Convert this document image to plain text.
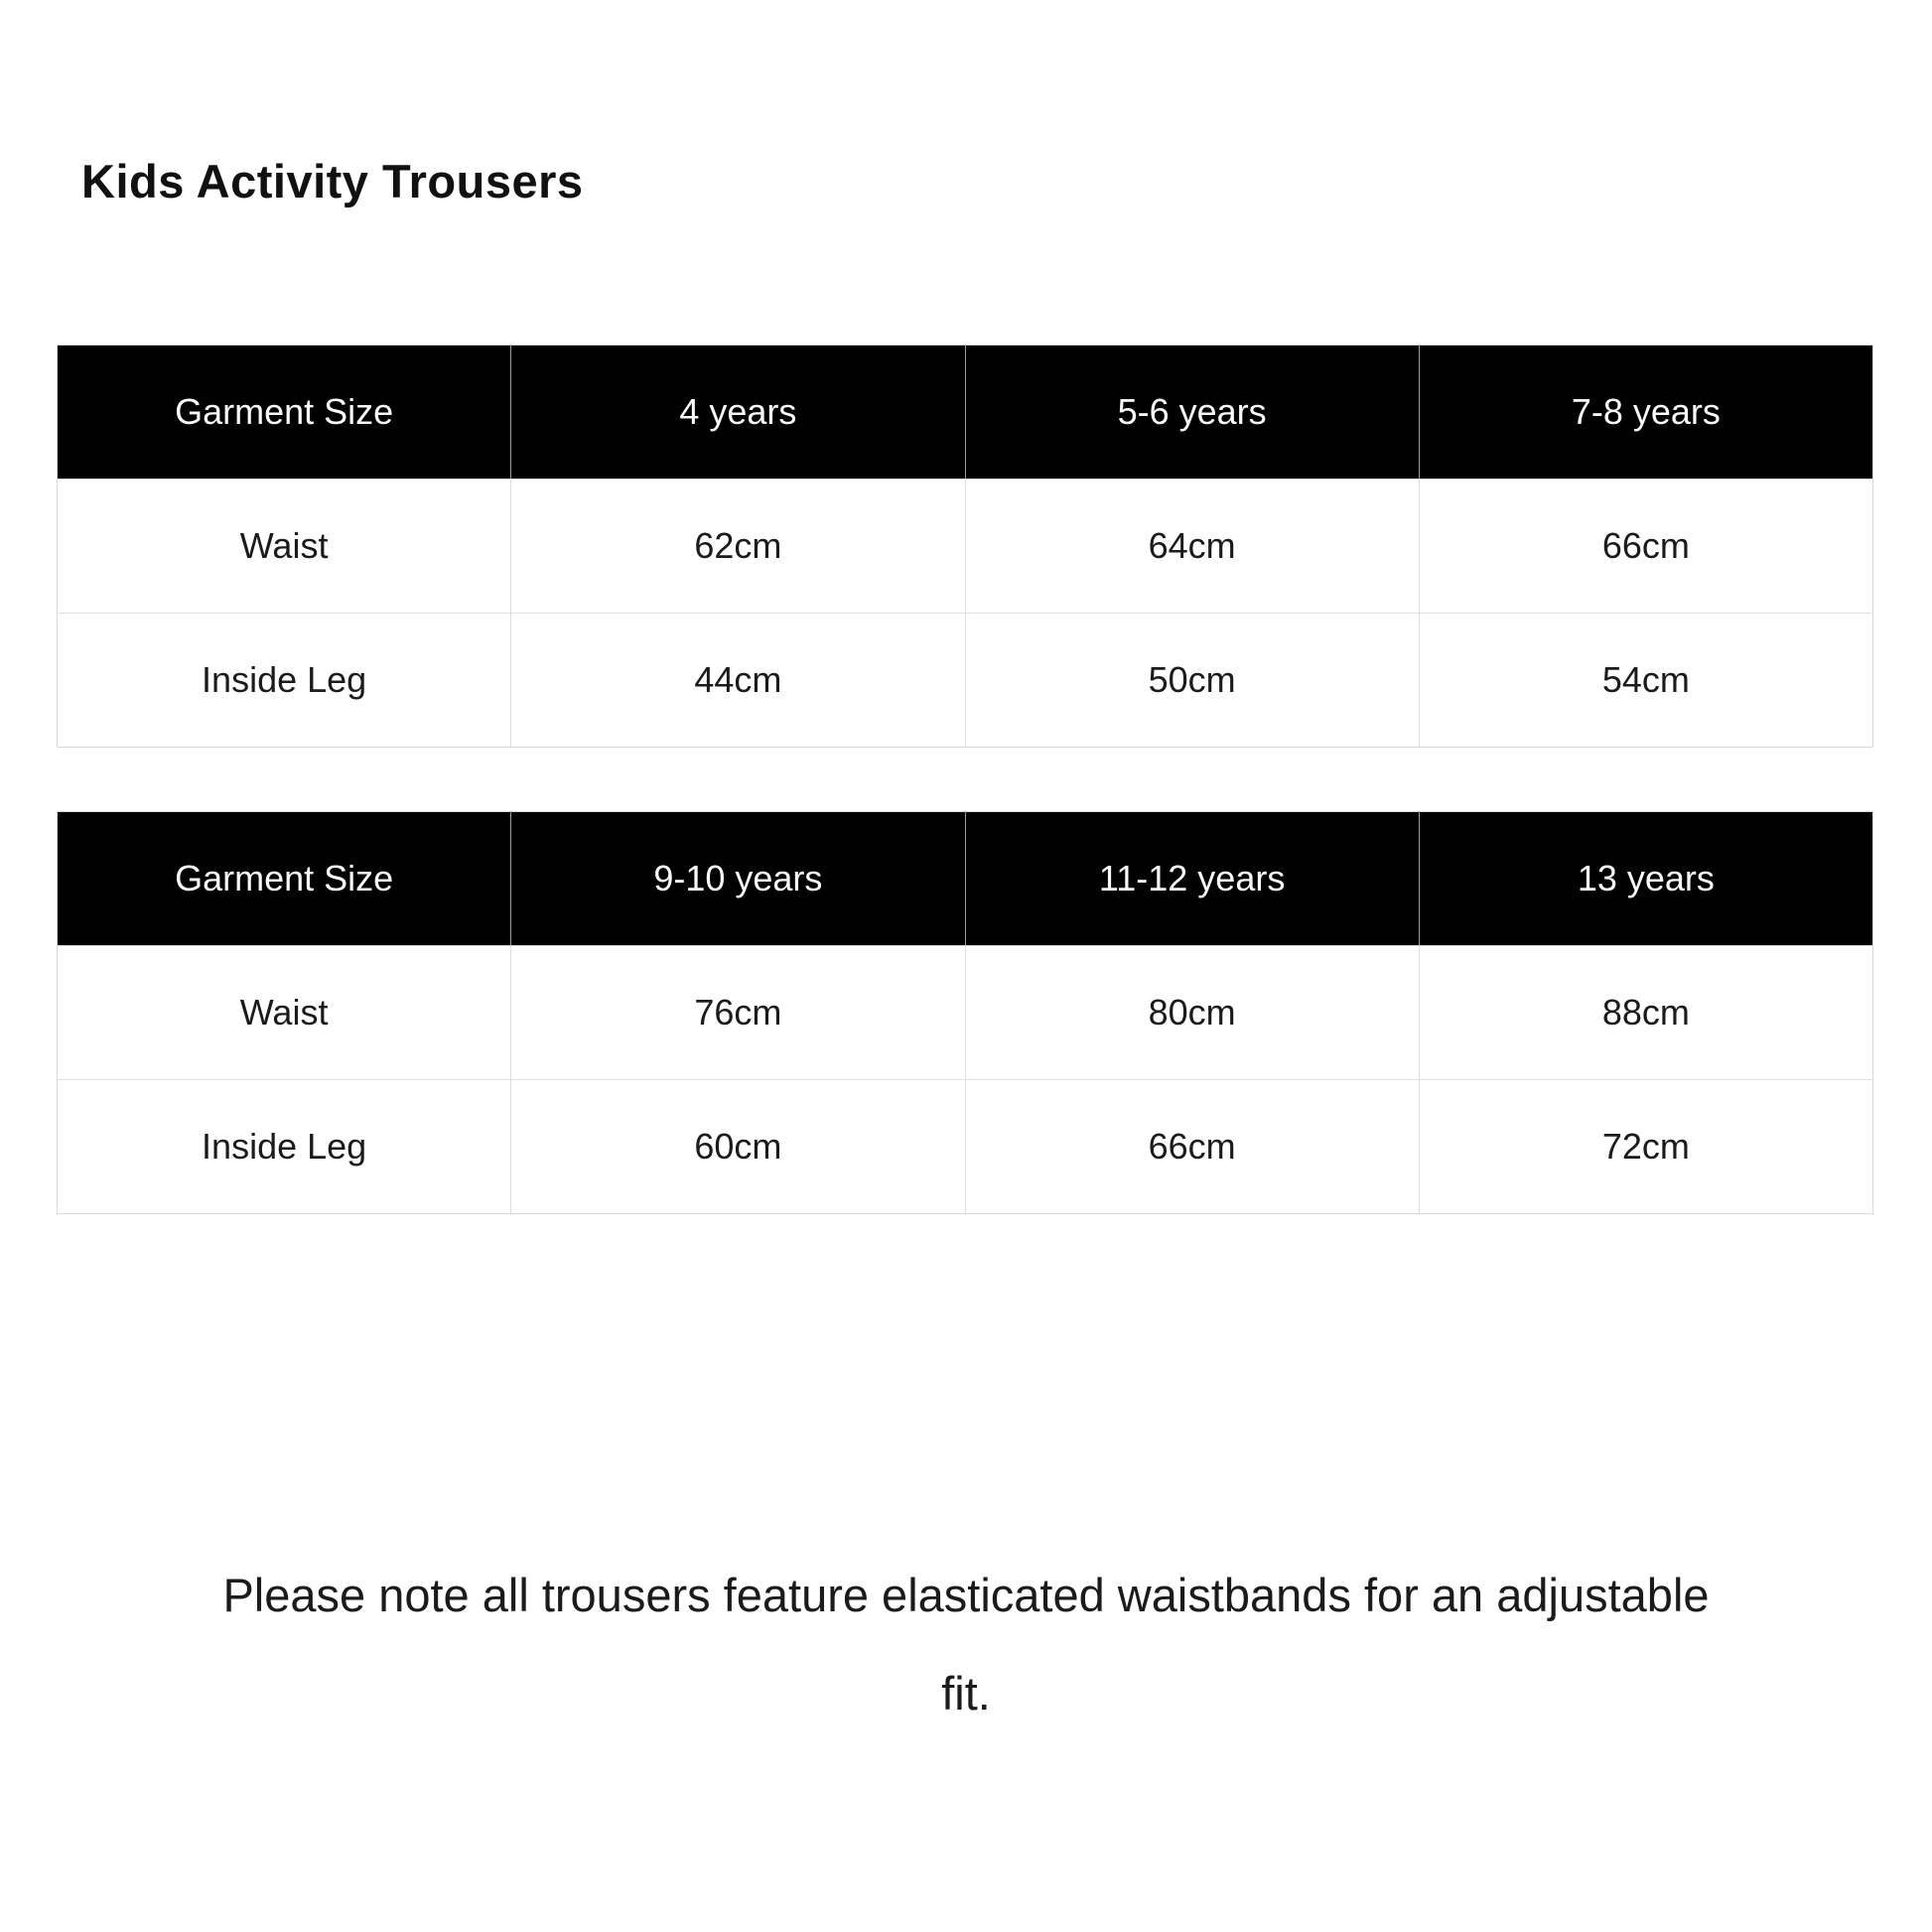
Kids Activity Trousers
Garment Size	4 years	5-6 years	7-8 years
Waist	62cm	64cm	66cm
Inside Leg	44cm	50cm	54cm
Garment Size	9-10 years	11-12 years	13 years
Waist	76cm	80cm	88cm
Inside Leg	60cm	66cm	72cm

Please note all trousers feature elasticated waistbands for an adjustable fit.
